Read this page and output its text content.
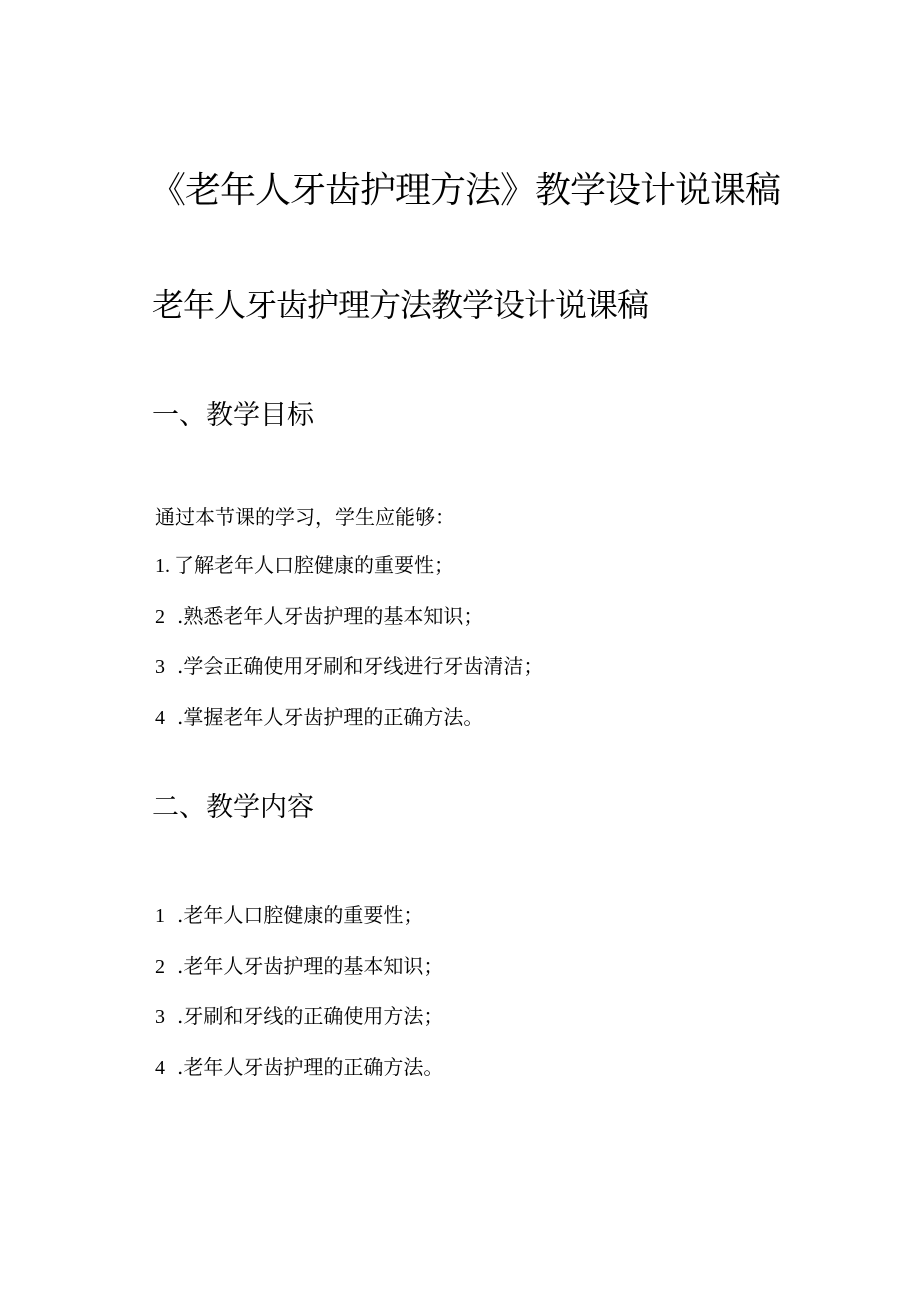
《老年人牙齿护理方法》教学设计说课稿
老年人牙齿护理方法教学设计说课稿
一、教学目标

通过本节课的学习，学生应能够：

1. 了解老年人口腔健康的重要性；
2 .熟悉老年人牙齿护理的基本知识；
3 .学会正确使用牙刷和牙线进行牙齿清洁；
4 .掌握老年人牙齿护理的正确方法。
二、教学内容
1 .老年人口腔健康的重要性；
2 .老年人牙齿护理的基本知识；
3 .牙刷和牙线的正确使用方法；
4 .老年人牙齿护理的正确方法。
